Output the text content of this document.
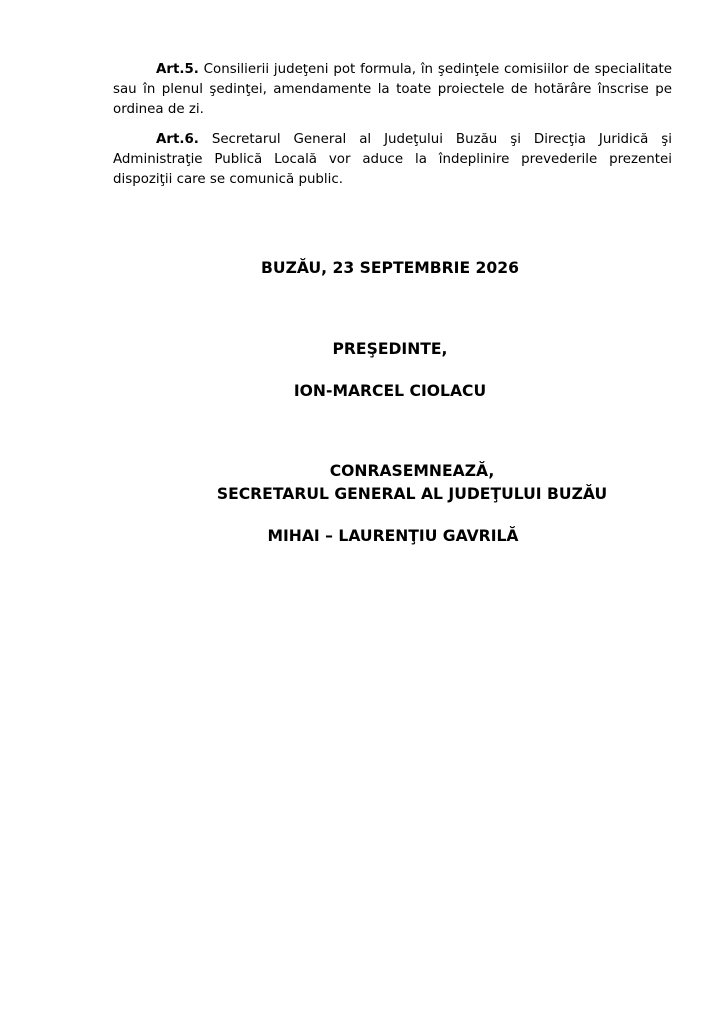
Art.5. Consilierii judeţeni pot formula, în şedinţele comisiilor de specialitate sau în plenul şedinţei, amendamente la toate proiectele de hotărâre înscrise pe ordinea de zi.

Art.6. Secretarul General al Judeţului Buzău şi Direcţia Juridică şi Administraţie Publică Locală vor aduce la îndeplinire prevederile prezentei dispoziţii care se comunică public.

BUZĂU, 23 SEPTEMBRIE 2026
PREŞEDINTE,
ION-MARCEL CIOLACU
CONRASEMNEAZĂ,
SECRETARUL GENERAL AL JUDEŢULUI BUZĂU
MIHAI – LAURENŢIU GAVRILĂ
